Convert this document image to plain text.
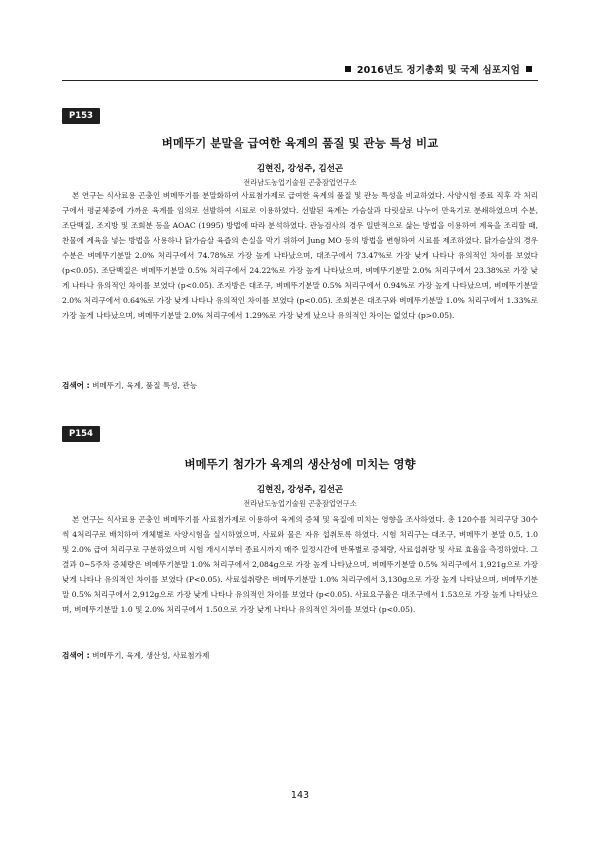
2016년도 정기총회 및 국제 심포지엄
P153
벼메뚜기 분말을 급여한 육계의 품질 및 관능 특성 비교
김현진, 강성주, 김선곤
전라남도농업기술원 곤충잠업연구소
본 연구는 식사료용 곤충인 벼메뚜기를 분말화하여 사료첨가제로 급여한 육계의 품질 및 관능 특성을 비교하였다. 사양시험 종료 직후 각 처리구에서 평균체중에 가까운 육계를 임의로 선발하여 시료로 이용하였다. 선발된 육계는 가슴살과 다릿살로 나누어 만육기로 분쇄하였으며 수분, 조단백질, 조지방 및 조회분 등을 AOAC (1995) 방법에 따라 분석하였다. 관능검사의 경우 일반적으로 삶는 방법을 이용하여 계육을 조리할 때, 찬물에 계육을 넣는 방법을 사용하나 닭가슴살 육즙의 손실을 막기 위하여 Jung MO 등의 방법을 변형하여 시료를 제조하였다. 닭가슴살의 경우 수분은 벼메뚜기분말 2.0% 처리구에서 74.78%로 가장 높게 나타났으며, 대조구에서 73.47%로 가장 낮게 나타나 유의적인 차이를 보였다 (p<0.05). 조단백질은 벼메뚜기분말 0.5% 처리구에서 24.22%로 가장 높게 나타났으며, 벼메뚜기분말 2.0% 처리구에서 23.38%로 가장 낮게 나타나 유의적인 차이를 보였다 (p<0.05). 조지방은 대조구, 벼메뚜기분말 0.5% 처리구에서 0.94%로 가장 높게 나타났으며, 벼메뚜기분말 2.0% 처리구에서 0.64%로 가장 낮게 나타나 유의적인 차이를 보였다 (p<0.05). 조회분은 대조구와 벼메뚜기분말 1.0% 처리구에서 1.33%로 가장 높게 나타났으며, 벼메뚜기분말 2.0% 처리구에서 1.29%로 가장 낮게 났으나 유의적인 차이는 없었다 (p>0.05).
검색어 : 벼메뚜기, 육계, 품질 특성, 관능
P154
벼메뚜기 첨가가 육계의 생산성에 미치는 영향
김현진, 강성주, 김선곤
전라남도농업기술원 곤충잠업연구소
본 연구는 식사료용 곤충인 벼메뚜기를 사료첨가제로 이용하여 육계의 증체 및 육질에 미치는 영향을 조사하였다. 총 120수를 처리구당 30수씩 4처리구로 배치하여 개체별로 사양시험을 실시하였으며, 사료와 물은 자유 섭취토록 하였다. 시험 처리구는 대조구, 벼메뚜기 분말 0.5, 1.0 및 2.0% 급여 처리구로 구분하였으며 시험 개시시부터 종료시까지 매주 일정시간에 반복별로 증체량, 사료섭취량 및 사료 효율을 측정하였다. 그 결과 0∼5주차 증체량은 벼메뚜기분말 1.0% 처리구에서 2,084g으로 가장 높게 나타났으며, 벼메뚜기분말 0.5% 처리구에서 1,921g으로 가장 낮게 나타나 유의적인 차이를 보였다 (P<0.05). 사료섭취량은 벼메뚜기분말 1.0% 처리구에서 3,130g으로 가장 높게 나타났으며, 벼메뚜기분말 0.5% 처리구에서 2,912g으로 가장 낮게 나타나 유의적인 차이를 보였다 (p<0.05). 사료요구율은 대조구에서 1.53으로 가장 높게 나타났으며, 벼메뚜기분말 1.0 및 2.0% 처리구에서 1.50으로 가장 낮게 나타나 유의적인 차이를 보였다 (p<0.05).
검색어 : 벼메뚜기, 육계, 생산성, 사료첨가제
143
